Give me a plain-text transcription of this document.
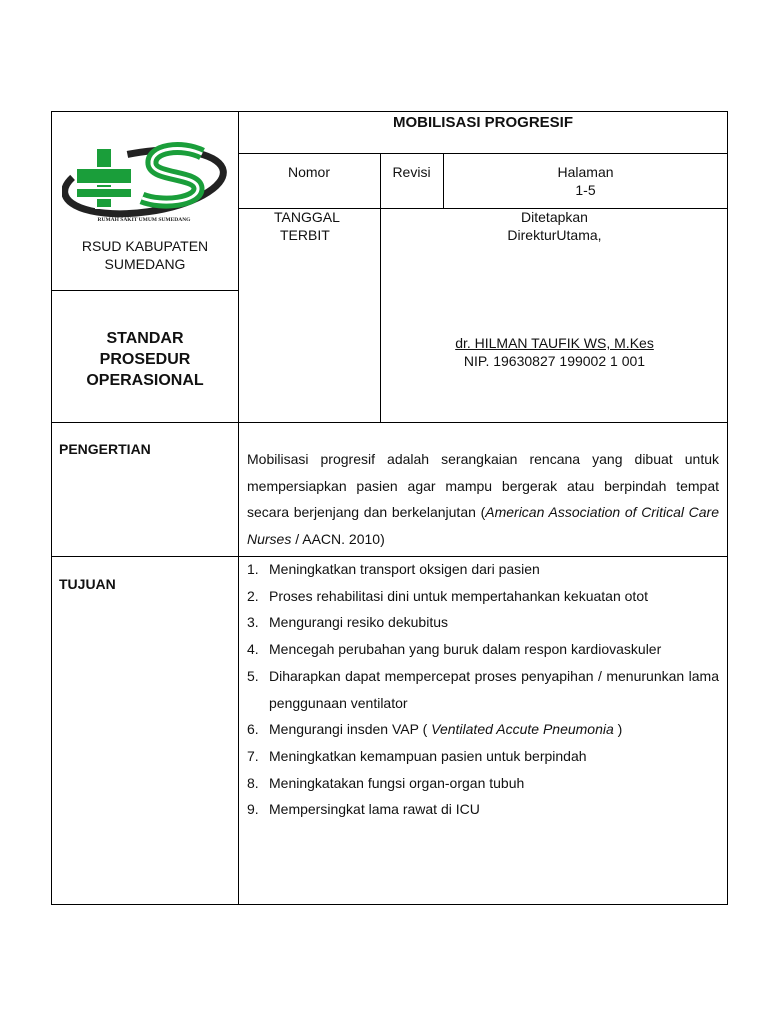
RUMAH SAKIT UMUM SUMEDANG
RSUD KABUPATEN
SUMEDANG
STANDAR
PROSEDUR
OPERASIONAL
MOBILISASI PROGRESIF
Nomor	Revisi	Halaman
1-5
TANGGAL
TERBIT
Ditetapkan
DirekturUtama,
dr. HILMAN TAUFIK WS, M.Kes
NIP. 19630827 199002 1 001
PENGERTIAN
Mobilisasi progresif adalah serangkaian rencana yang dibuat untuk mempersiapkan pasien agar mampu bergerak atau berpindah tempat secara berjenjang dan berkelanjutan (American Association of Critical Care Nurses / AACN. 2010)
TUJUAN
1. Meningkatkan transport oksigen dari pasien
2. Proses rehabilitasi dini untuk mempertahankan kekuatan otot
3. Mengurangi resiko dekubitus
4. Mencegah perubahan yang buruk dalam respon kardiovaskuler
5. Diharapkan dapat mempercepat proses penyapihan / menurunkan lama penggunaan ventilator
6. Mengurangi insden VAP ( Ventilated Accute Pneumonia )
7. Meningkatkan kemampuan pasien untuk berpindah
8. Meningkatakan fungsi organ-organ tubuh
9. Mempersingkat lama rawat di ICU
